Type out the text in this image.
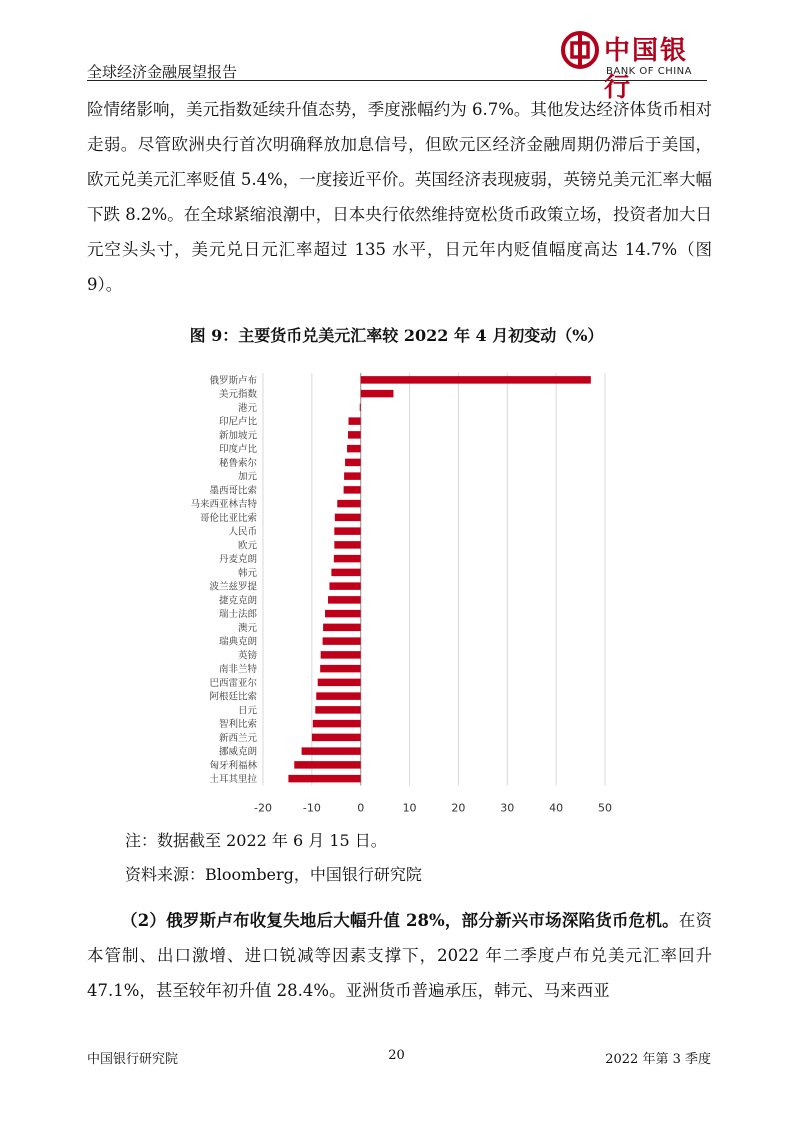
全球经济金融展望报告
中国银行
BANK OF CHINA
险情绪影响，美元指数延续升值态势，季度涨幅约为 6.7%。其他发达经济体货币相对走弱。尽管欧洲央行首次明确释放加息信号，但欧元区经济金融周期仍滞后于美国，欧元兑美元汇率贬值 5.4%，一度接近平价。英国经济表现疲弱，英镑兑美元汇率大幅下跌 8.2%。在全球紧缩浪潮中，日本央行依然维持宽松货币政策立场，投资者加大日元空头头寸，美元兑日元汇率超过 135 水平，日元年内贬值幅度高达 14.7%（图 9）。
图 9：主要货币兑美元汇率较 2022 年 4 月初变动（%）
俄罗斯卢布
美元指数
港元
印尼卢比
新加坡元
印度卢比
秘鲁索尔
加元
墨西哥比索
马来西亚林吉特
哥伦比亚比索
人民币
欧元
丹麦克朗
韩元
波兰兹罗提
捷克克朗
瑞士法郎
澳元
瑞典克朗
英镑
南非兰特
巴西雷亚尔
阿根廷比索
日元
智利比索
新西兰元
挪威克朗
匈牙利福林
土耳其里拉
-20	-10	0	10	20	30	40	50
注：数据截至 2022 年 6 月 15 日。
资料来源：Bloomberg，中国银行研究院
（2）俄罗斯卢布收复失地后大幅升值 28%，部分新兴市场深陷货币危机。在资本管制、出口激增、进口锐减等因素支撑下，2022 年二季度卢布兑美元汇率回升 47.1%，甚至较年初升值 28.4%。亚洲货币普遍承压，韩元、马来西亚
中国银行研究院	20	2022 年第 3 季度
